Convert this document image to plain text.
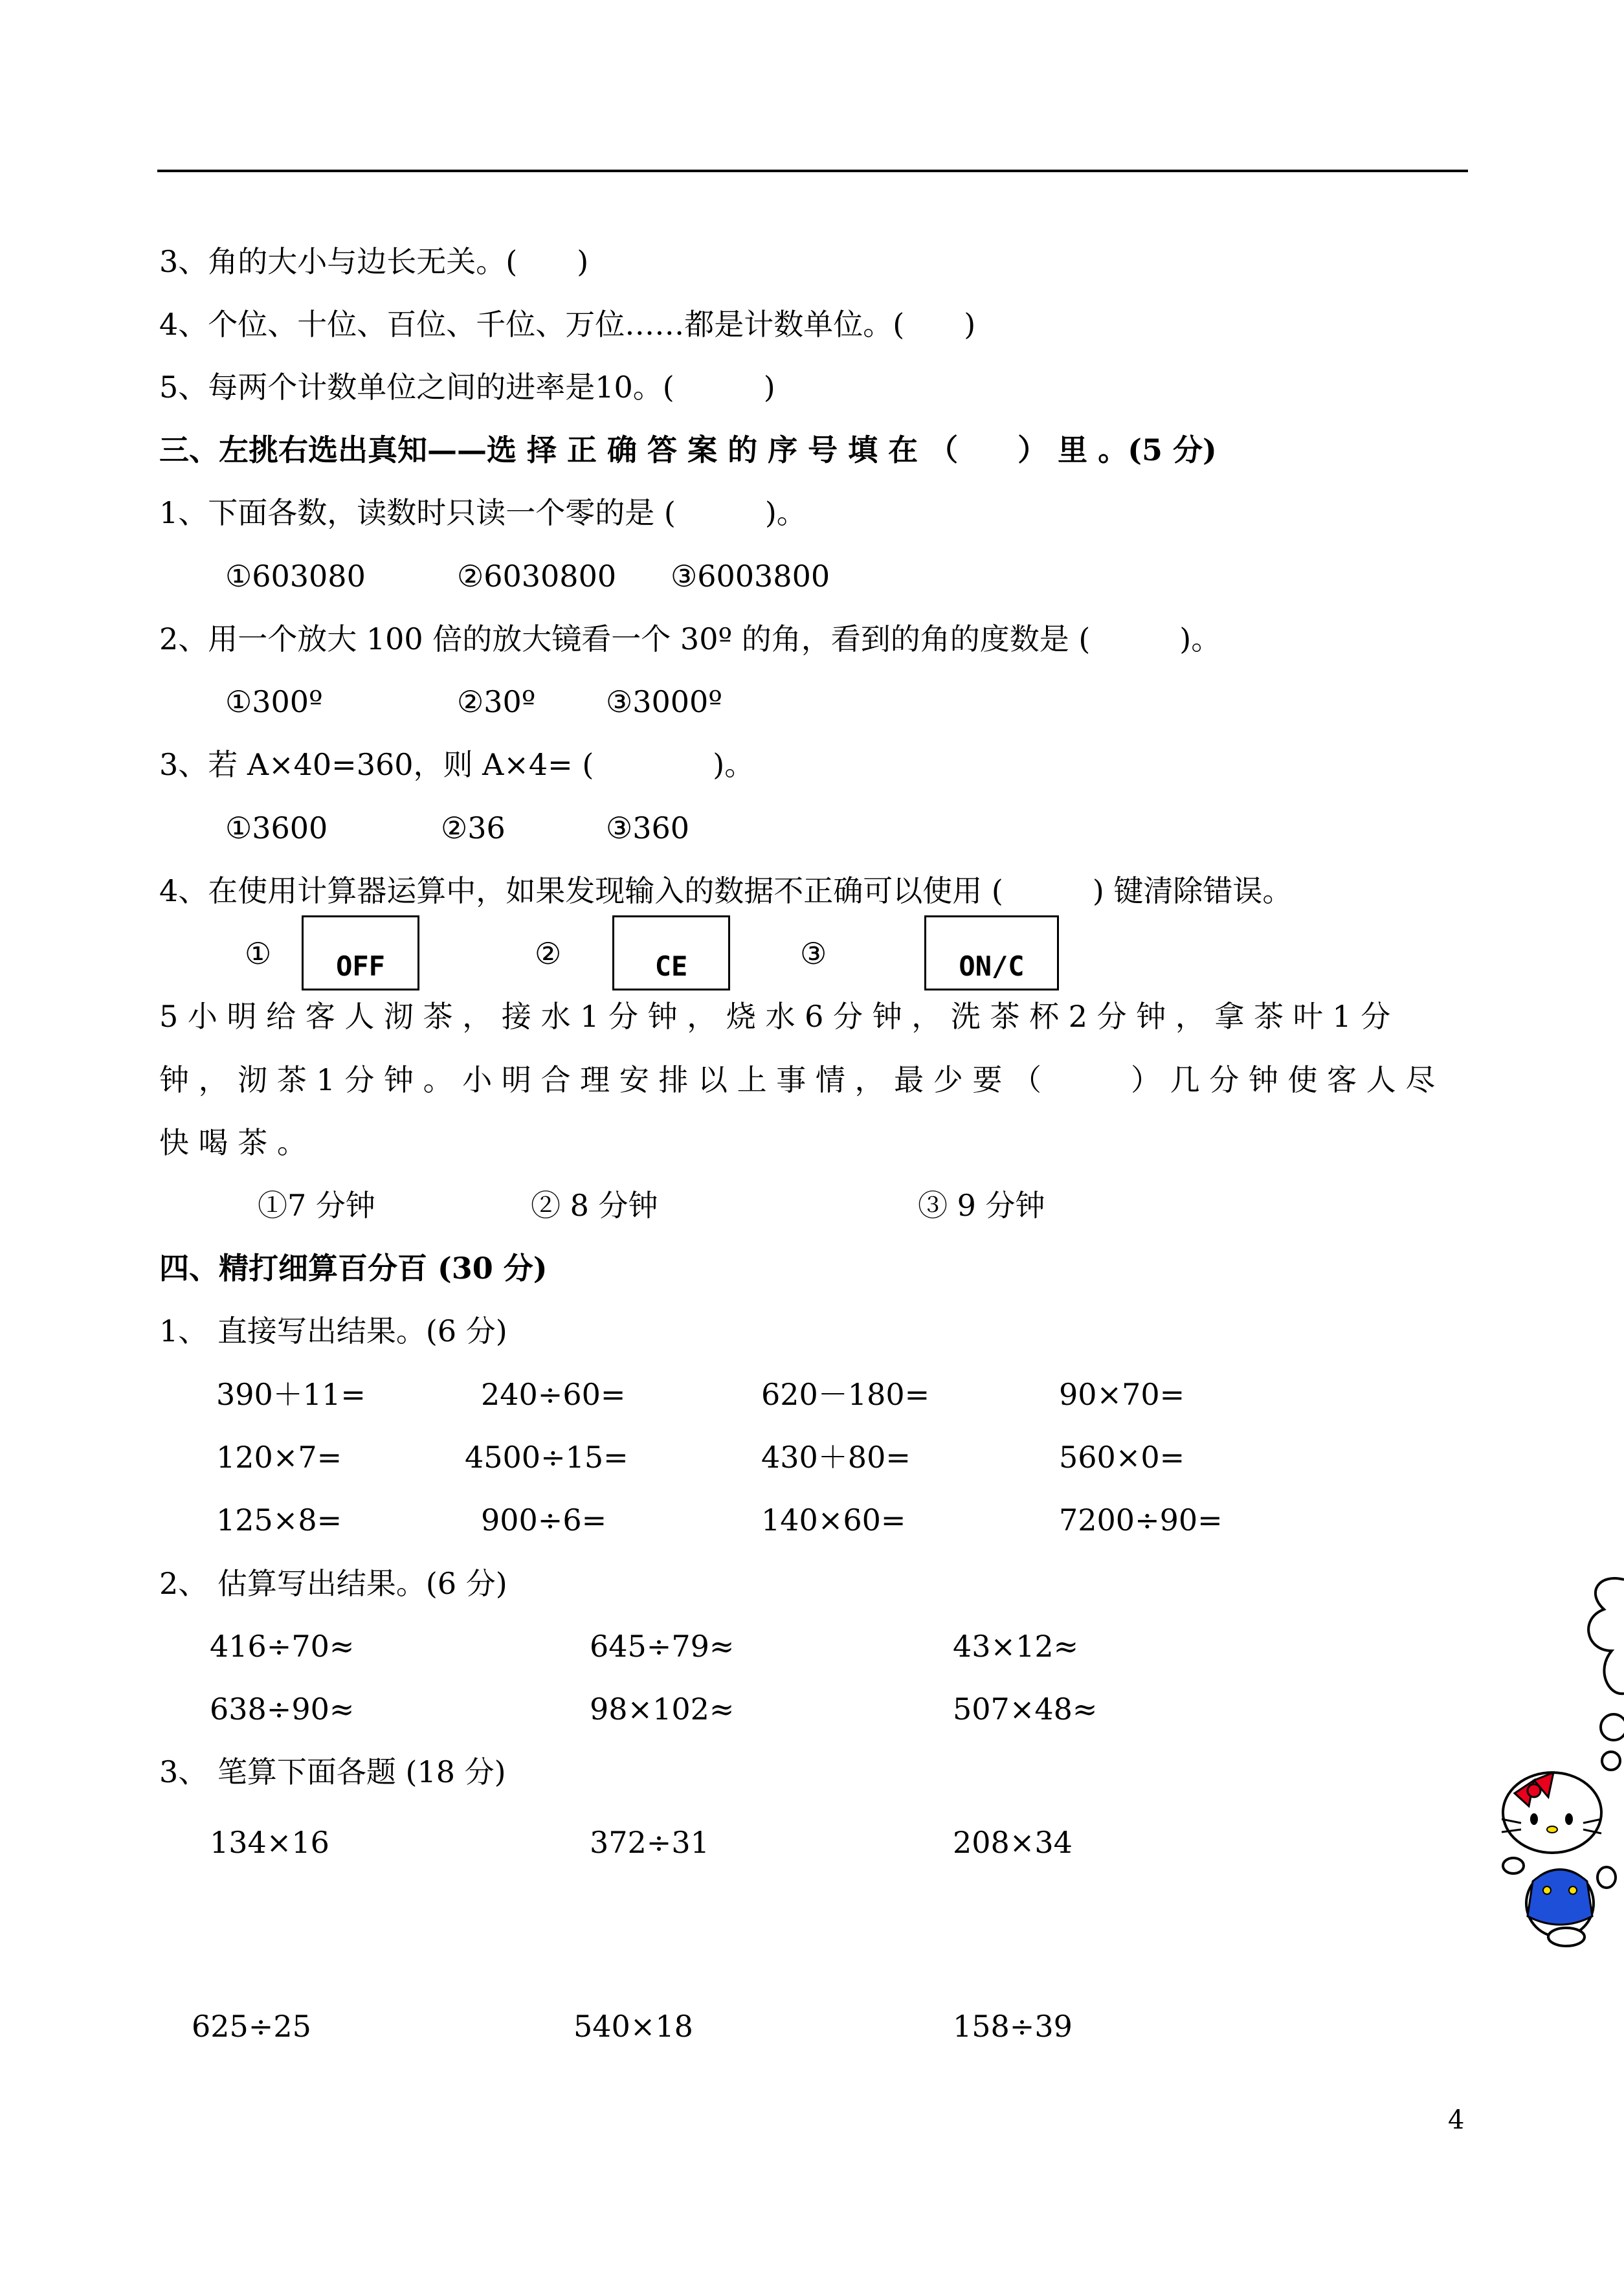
3、角的大小与边长无关。(　　)
4、个位、十位、百位、千位、万位……都是计数单位。(　　)
5、每两个计数单位之间的进率是10。(　　　)
三、左挑右选出真知——选 择 正 确 答 案 的 序 号 填 在 （　　） 里 。(5 分)
1、下面各数，读数时只读一个零的是 (　　　)。
①603080	②6030800 ③6003800
2、用一个放大 100 倍的放大镜看一个 30º 的角，看到的角的度数是 (　　　)。
①300º	②30º ③3000º
3、若 A×40=360，则 A×4= (　　　　)。
①3600	②36	③360
4、在使用计算器运算中，如果发现输入的数据不正确可以使用 (　　　) 键清除错误。
①	OFF	②	CE	③	ON/C
5 小 明 给 客 人 沏 茶 ， 接 水 1 分 钟 ， 烧 水 6 分 钟 ， 洗 茶 杯 2 分 钟 ， 拿 茶 叶 1 分
钟 ， 沏 茶 1 分 钟 。 小 明 合 理 安 排 以 上 事 情 ， 最 少 要 （　　　） 几 分 钟 使 客 人 尽
快 喝 茶 。
①7 分钟	② 8 分钟	③ 9 分钟
四、精打细算百分百 (30 分)
1、 直接写出结果。(6 分)
390＋11=	240÷60=	620－180=	90×70=
120×7=	4500÷15=	430＋80=	560×0=
125×8=	900÷6=	140×60=	7200÷90=
2、 估算写出结果。(6 分)
416÷70≈	645÷79≈	43×12≈
638÷90≈	98×102≈	507×48≈
3、 笔算下面各题 (18 分)
134×16	372÷31	208×34
625÷25	540×18	158÷39
4
